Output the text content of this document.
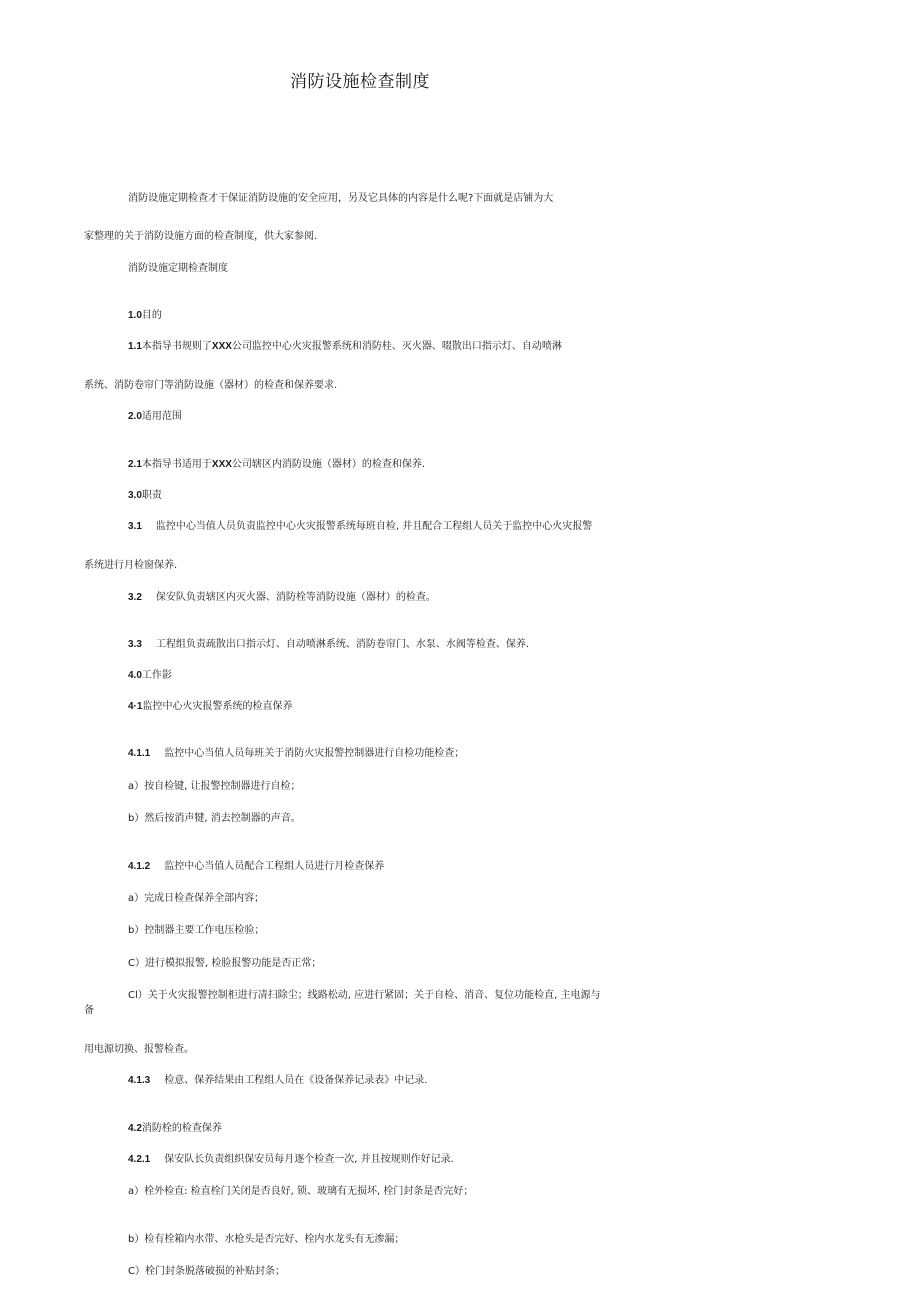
消防设施检查制度
消防设施定期检查才干保证消防设施的安全应用，另及它具体的内容是什么呢?下面就是店铺为大
家整理的关于消防设施方面的检查制度，供大家参阅.
消防设施定期检查制度
1.0目的
1.1本指导书规则了XXX公司监控中心火灾报警系统和消防桂、灭火器、啜散出口指示灯、自动喷淋
系统、消防卷帘门等消防设施（器材）的检查和保养要求.
2.0适用范围
2.1本指导书适用于XXX公司辖区内消防设施（器材）的检查和保养.
3.0职责
3.1 监控中心当值人员负责监控中心火灾报警系统每班自检, 并且配合工程组人员关于监控中心火灾报警
系统进行月检窗保养.
3.2 保安队负责辖区内灭火器、消防栓等消防设施（器材）的检查。
3.3 工程组负责疏散出口指示灯、自动喷淋系统、消防卷帘门、水泵、水阀等检查、保养.
4.0工作影
4·1监控中心火灾报警系统的检直保养
4.1.1 监控中心当值人员每班关于消防火灾报警控制器进行自检功能检查；
a）按自检键, 让报警控制器进行自检；
b）然后按消声犍, 消去控制器的声音。
4.1.2 监控中心当值人员配合工程组人员进行月检查保养
a）完成日检查保养全部内容；
b）控制器主要工作电压检验；
C）进行模拟报警, 检脸报警功能是否正常；
Cl）关于火灾报警控制柜进行凊扫除尘；线路松动, 应进行紧固；关于自检、消音、复位功能检直, 主电源与
备
用电源切换、报警检查。
4.1.3 检意、保养结果由工程组人员在《设备保养记录表》中记录.
4.2消防栓的检查保养
4.2.1 保安队长负责组织保安员每月逐个检查一次, 并且按规则作好记录.
a）栓外检直: 检直栓门关闭是否良好, 锁、玻璃有无损坏, 栓门封条是否完好；
b）检有栓箱内水带、水枪头是否完好、栓内水龙头有无渗漏；
C）栓门封条脱落破损的补贴封条；
